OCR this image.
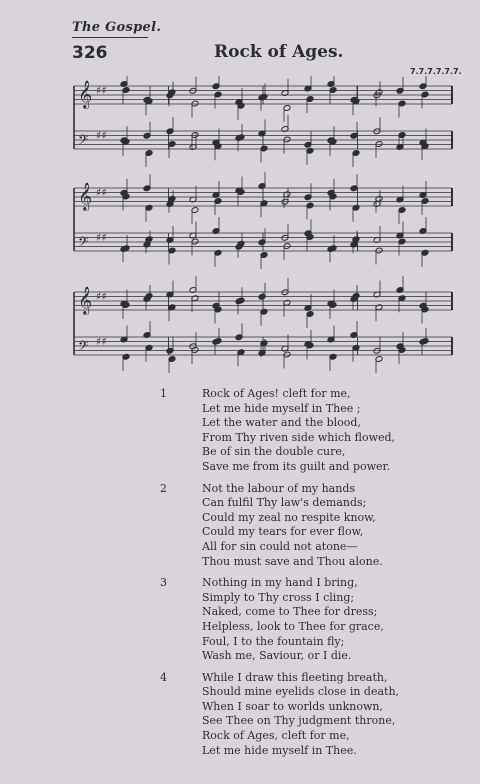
The Gospel.
326	Rock of Ages.
7.7.7.7.7.7.
𝄞 ♯♯
𝄢 ♯♯
𝄞 ♯♯
𝄢 ♯♯
𝄞 ♯♯
𝄢 ♯♯
1	Rock of Ages! cleft for me,
Let me hide myself in Thee ;
Let the water and the blood,
From Thy riven side which flowed,
Be of sin the double cure,
Save me from its guilt and power.
2	Not the labour of my hands
Can fulfil Thy law's demands;
Could my zeal no respite know,
Could my tears for ever flow,
All for sin could not atone—
Thou must save and Thou alone.
3	Nothing in my hand I bring,
Simply to Thy cross I cling;
Naked, come to Thee for dress;
Helpless, look to Thee for grace,
Foul, I to the fountain fly;
Wash me, Saviour, or I die.
4	While I draw this fleeting breath,
Should mine eyelids close in death,
When I soar to worlds unknown,
See Thee on Thy judgment throne,
Rock of Ages, cleft for me,
Let me hide myself in Thee.
